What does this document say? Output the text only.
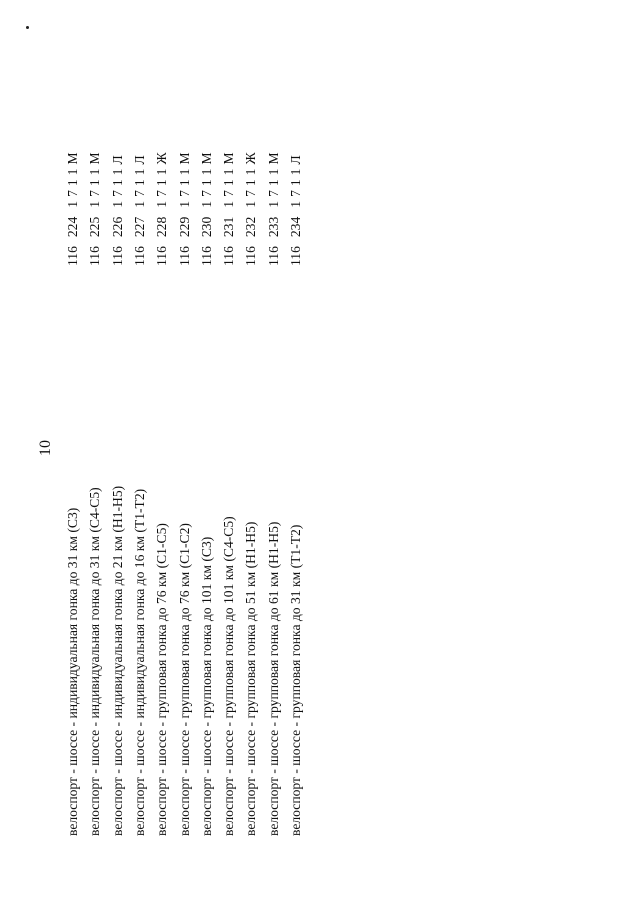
10
велоспорт - шоссе - индивидуальная гонка до 31 км (С3)
1162241711М
велоспорт - шоссе - индивидуальная гонка до 31 км (С4-С5)
1162251711М
велоспорт - шоссе - индивидуальная гонка до 21 км (Н1-Н5)
1162261711Л
велоспорт - шоссе - индивидуальная гонка до 16 км (Т1-Т2)
1162271711Л
велоспорт - шоссе - групповая гонка до 76 км (С1-С5)
1162281711Ж
велоспорт - шоссе - групповая гонка до 76 км (С1-С2)
1162291711М
велоспорт - шоссе - групповая гонка до 101 км (С3)
1162301711М
велоспорт - шоссе - групповая гонка до 101 км (С4-С5)
1162311711М
велоспорт - шоссе - групповая гонка до 51 км (Н1-Н5)
1162321711Ж
велоспорт - шоссе - групповая гонка до 61 км (Н1-Н5)
1162331711М
велоспорт - шоссе - групповая гонка до 31 км (Т1-Т2)
1162341711Л
